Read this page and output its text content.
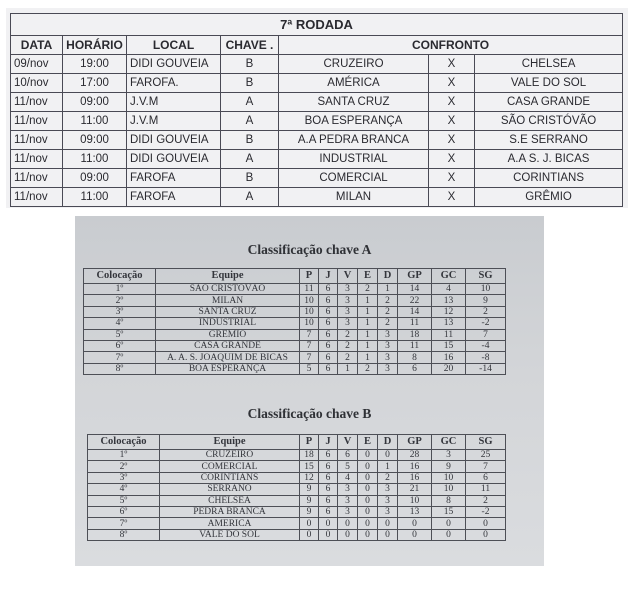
7ª RODADA						
DATA	HORÁRIO	LOCAL	CHAVE .	CONFRONTO		
09/nov	19:00	DIDI GOUVEIA	B	CRUZEIRO	X	CHELSEA
10/nov	17:00	FAROFA.	B	AMÉRICA	X	VALE DO SOL
11/nov	09:00	J.V.M	A	SANTA CRUZ	X	CASA GRANDE
11/nov	11:00	J.V.M	A	BOA ESPERANÇA	X	SÃO CRISTÓVÃO
11/nov	09:00	DIDI GOUVEIA	B	A.A PEDRA BRANCA	X	S.E SERRANO
11/nov	11:00	DIDI GOUVEIA	A	INDUSTRIAL	X	A.A S. J. BICAS
11/nov	09:00	FAROFA	B	COMERCIAL	X	CORINTIANS
11/nov	11:00	FAROFA	A	MILAN	X	GRÊMIO
Classificação chave A
Colocação	Equipe	P	J	V	E	D	GP	GC	SG
1º	SÃO CRISTOVÃO	11	6	3	2	1	14	4	10
2º	MILAN	10	6	3	1	2	22	13	9
3º	SANTA CRUZ	10	6	3	1	2	14	12	2
4º	INDUSTRIAL	10	6	3	1	2	11	13	-2
5º	GRÊMIO	7	6	2	1	3	18	11	7
6º	CASA GRANDE	7	6	2	1	3	11	15	-4
7º	A. A. S. JOAQUIM DE BICAS	7	6	2	1	3	8	16	-8
8º	BOA ESPERANÇA	5	6	1	2	3	6	20	-14
Classificação chave B
Colocação	Equipe	P	J	V	E	D	GP	GC	SG
1º	CRUZEIRO	18	6	6	0	0	28	3	25
2º	COMERCIAL	15	6	5	0	1	16	9	7
3º	CORINTIANS	12	6	4	0	2	16	10	6
4º	SERRANO	9	6	3	0	3	21	10	11
5º	CHELSEA	9	6	3	0	3	10	8	2
6º	PEDRA BRANCA	9	6	3	0	3	13	15	-2
7º	AMERICA	0	0	0	0	0	0	0	0
8º	VALE DO SOL	0	0	0	0	0	0	0	0
